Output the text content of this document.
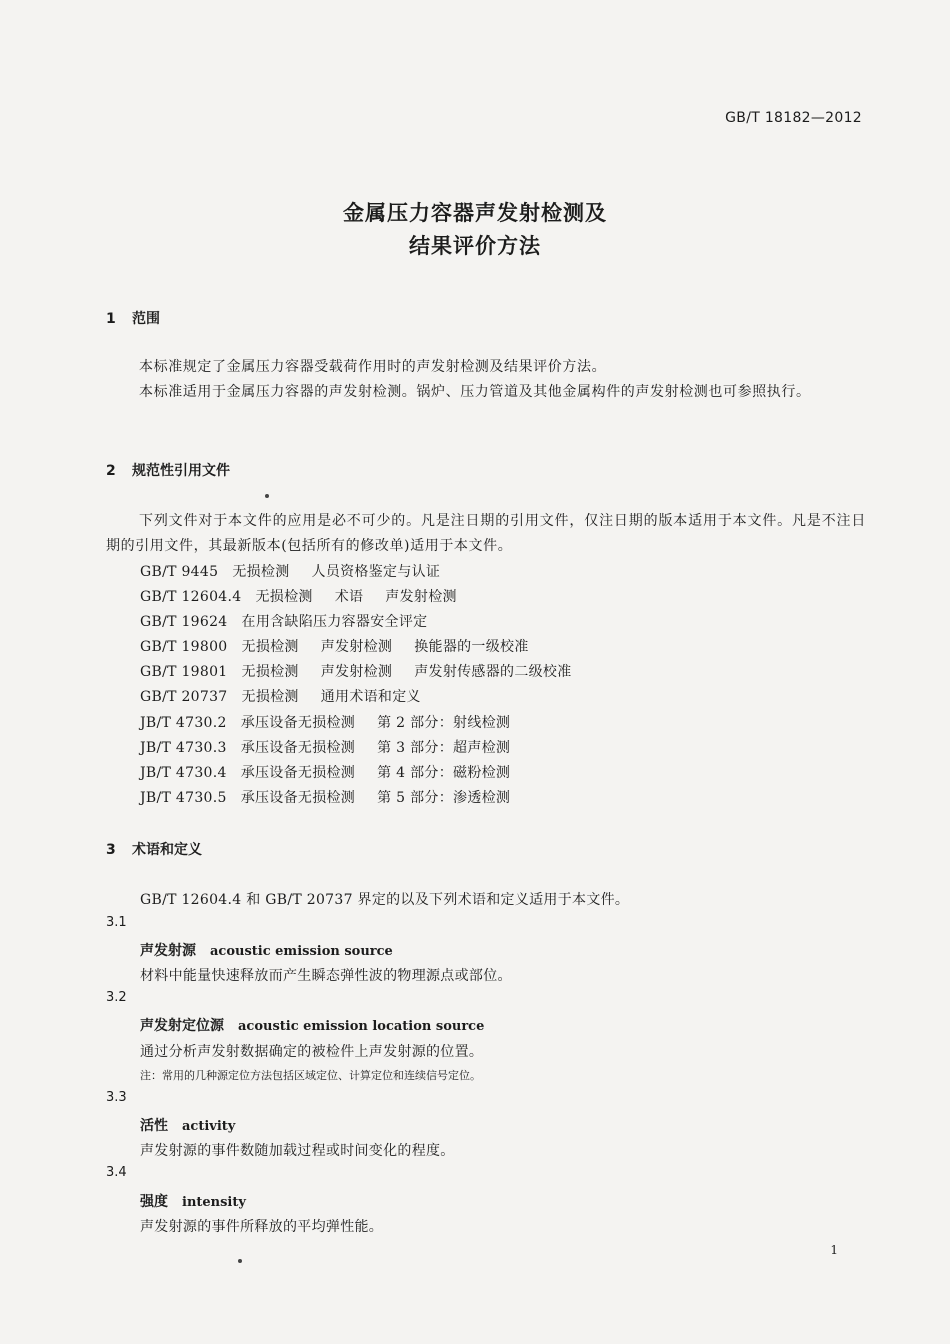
GB/T 18182—2012
金属压力容器声发射检测及
结果评价方法
1 范围
本标准规定了金属压力容器受载荷作用时的声发射检测及结果评价方法。
本标准适用于金属压力容器的声发射检测。锅炉、压力管道及其他金属构件的声发射检测也可参照执行。
2 规范性引用文件
下列文件对于本文件的应用是必不可少的。凡是注日期的引用文件，仅注日期的版本适用于本文件。凡是不注日期的引用文件，其最新版本(包括所有的修改单)适用于本文件。
GB/T 9445 无损检测 人员资格鉴定与认证
GB/T 12604.4 无损检测 术语 声发射检测
GB/T 19624 在用含缺陷压力容器安全评定
GB/T 19800 无损检测 声发射检测 换能器的一级校准
GB/T 19801 无损检测 声发射检测 声发射传感器的二级校准
GB/T 20737 无损检测 通用术语和定义
JB/T 4730.2 承压设备无损检测 第 2 部分：射线检测
JB/T 4730.3 承压设备无损检测 第 3 部分：超声检测
JB/T 4730.4 承压设备无损检测 第 4 部分：磁粉检测
JB/T 4730.5 承压设备无损检测 第 5 部分：渗透检测
3 术语和定义
GB/T 12604.4 和 GB/T 20737 界定的以及下列术语和定义适用于本文件。
3.1
声发射源 acoustic emission source
材料中能量快速释放而产生瞬态弹性波的物理源点或部位。
3.2
声发射定位源 acoustic emission location source
通过分析声发射数据确定的被检件上声发射源的位置。
注：常用的几种源定位方法包括区域定位、计算定位和连续信号定位。
3.3
活性 activity
声发射源的事件数随加载过程或时间变化的程度。
3.4
强度 intensity
声发射源的事件所释放的平均弹性能。
1
